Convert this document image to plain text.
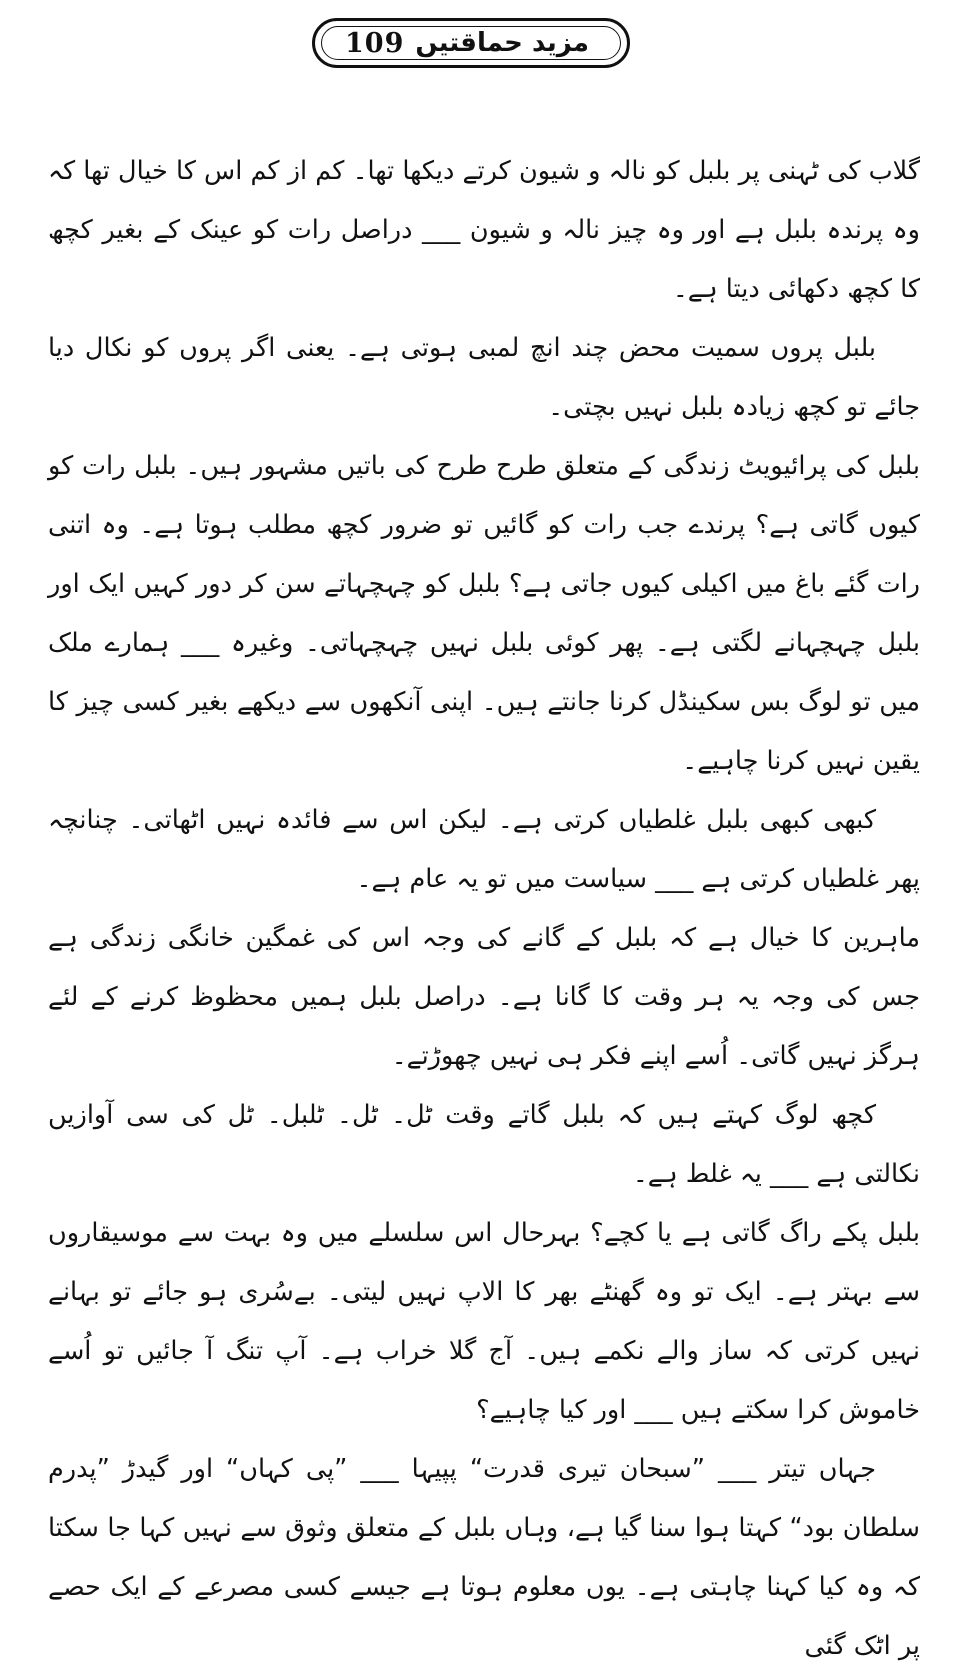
109 مزید حماقتیں

گلاب کی ٹہنی پر بلبل کو نالہ و شیون کرتے دیکھا تھا۔ کم از کم اس کا خیال تھا کہ وہ پرندہ بلبل ہے اور وہ چیز نالہ و شیون ___ دراصل رات کو عینک کے بغیر کچھ کا کچھ دکھائی دیتا ہے۔

بلبل پروں سمیت محض چند انچ لمبی ہوتی ہے۔ یعنی اگر پروں کو نکال دیا جائے تو کچھ زیادہ بلبل نہیں بچتی۔

بلبل کی پرائیویٹ زندگی کے متعلق طرح طرح کی باتیں مشہور ہیں۔ بلبل رات کو کیوں گاتی ہے؟ پرندے جب رات کو گائیں تو ضرور کچھ مطلب ہوتا ہے۔ وہ اتنی رات گئے باغ میں اکیلی کیوں جاتی ہے؟ بلبل کو چہچہاتے سن کر دور کہیں ایک اور بلبل چہچہانے لگتی ہے۔ پھر کوئی بلبل نہیں چہچہاتی۔ وغیرہ ___ ہمارے ملک میں تو لوگ بس سکینڈل کرنا جانتے ہیں۔ اپنی آنکھوں سے دیکھے بغیر کسی چیز کا یقین نہیں کرنا چاہیے۔

کبھی کبھی بلبل غلطیاں کرتی ہے۔ لیکن اس سے فائدہ نہیں اٹھاتی۔ چنانچہ پھر غلطیاں کرتی ہے ___ سیاست میں تو یہ عام ہے۔

ماہرین کا خیال ہے کہ بلبل کے گانے کی وجہ اس کی غمگین خانگی زندگی ہے جس کی وجہ یہ ہر وقت کا گانا ہے۔ دراصل بلبل ہمیں محظوظ کرنے کے لئے ہرگز نہیں گاتی۔ اُسے اپنے فکر ہی نہیں چھوڑتے۔

کچھ لوگ کہتے ہیں کہ بلبل گاتے وقت ٹل۔ ٹل۔ ٹلبل۔ ٹل کی سی آوازیں نکالتی ہے ___ یہ غلط ہے۔

بلبل پکے راگ گاتی ہے یا کچے؟ بہرحال اس سلسلے میں وہ بہت سے موسیقاروں سے بہتر ہے۔ ایک تو وہ گھنٹے بھر کا الاپ نہیں لیتی۔ بےسُری ہو جائے تو بہانے نہیں کرتی کہ ساز والے نکمے ہیں۔ آج گلا خراب ہے۔ آپ تنگ آ جائیں تو اُسے خاموش کرا سکتے ہیں ___ اور کیا چاہیے؟

جہاں تیتر ___ ”سبحان تیری قدرت“ پپیہا ___ ”پی کہاں“ اور گیدڑ ”پدرم سلطان بود“ کہتا ہوا سنا گیا ہے، وہاں بلبل کے متعلق وثوق سے نہیں کہا جا سکتا کہ وہ کیا کہنا چاہتی ہے۔ یوں معلوم ہوتا ہے جیسے کسی مصرعے کے ایک حصے پر اٹک گئی
